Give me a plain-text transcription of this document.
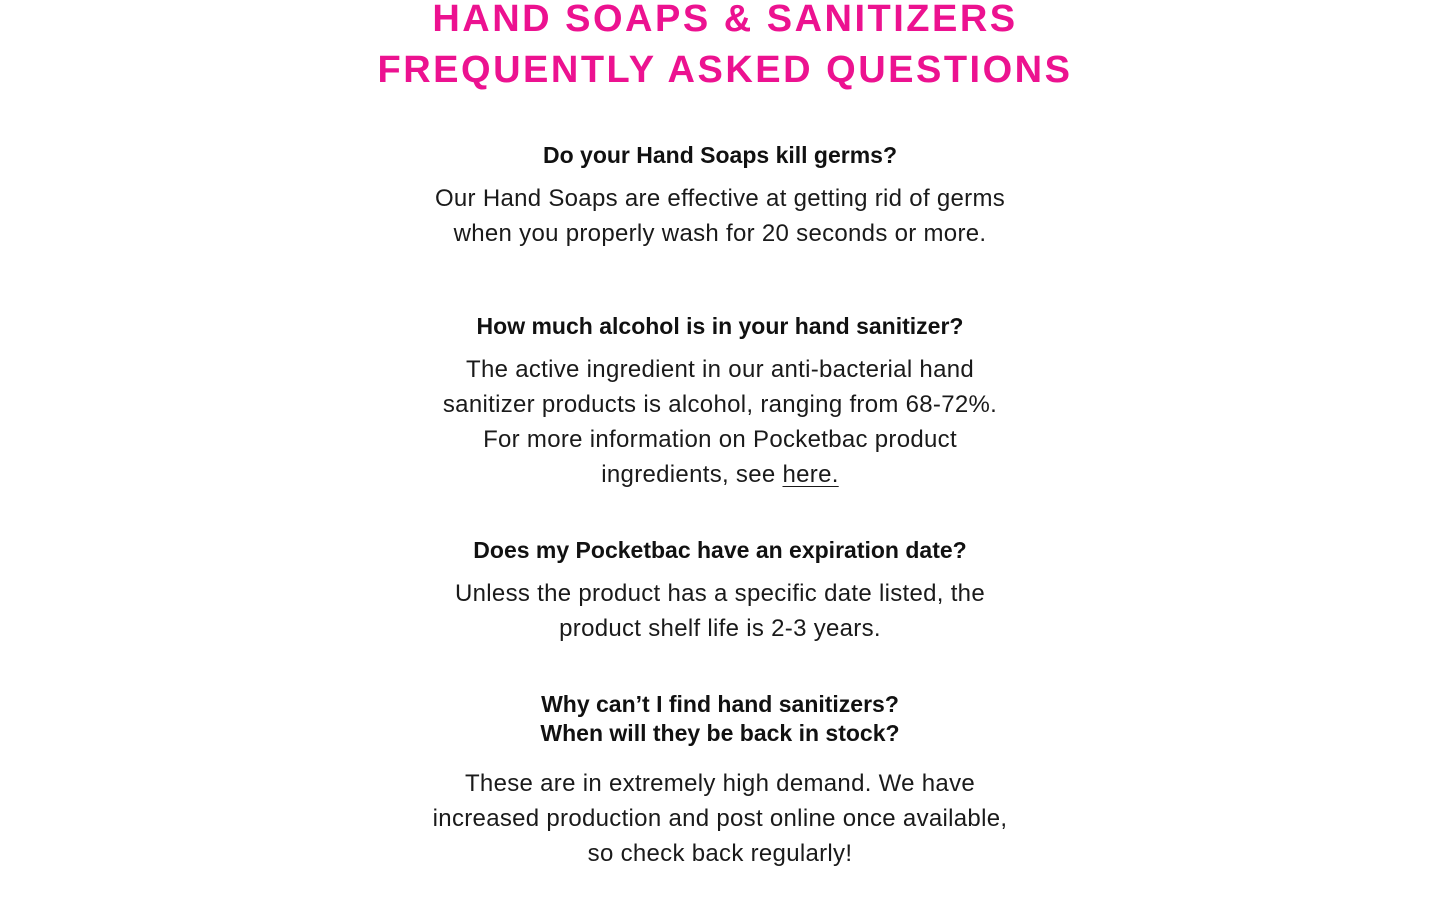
HAND SOAPS & SANITIZERS
FREQUENTLY ASKED QUESTIONS
Do your Hand Soaps kill germs?

Our Hand Soaps are effective at getting rid of germs
when you properly wash for 20 seconds or more.

How much alcohol is in your hand sanitizer?

The active ingredient in our anti-bacterial hand
sanitizer products is alcohol, ranging from 68-72%.
For more information on Pocketbac product
ingredients, see here.

Does my Pocketbac have an expiration date?

Unless the product has a specific date listed, the
product shelf life is 2-3 years.

Why can’t I find hand sanitizers?
When will they be back in stock?

These are in extremely high demand. We have
increased production and post online once available,
so check back regularly!
